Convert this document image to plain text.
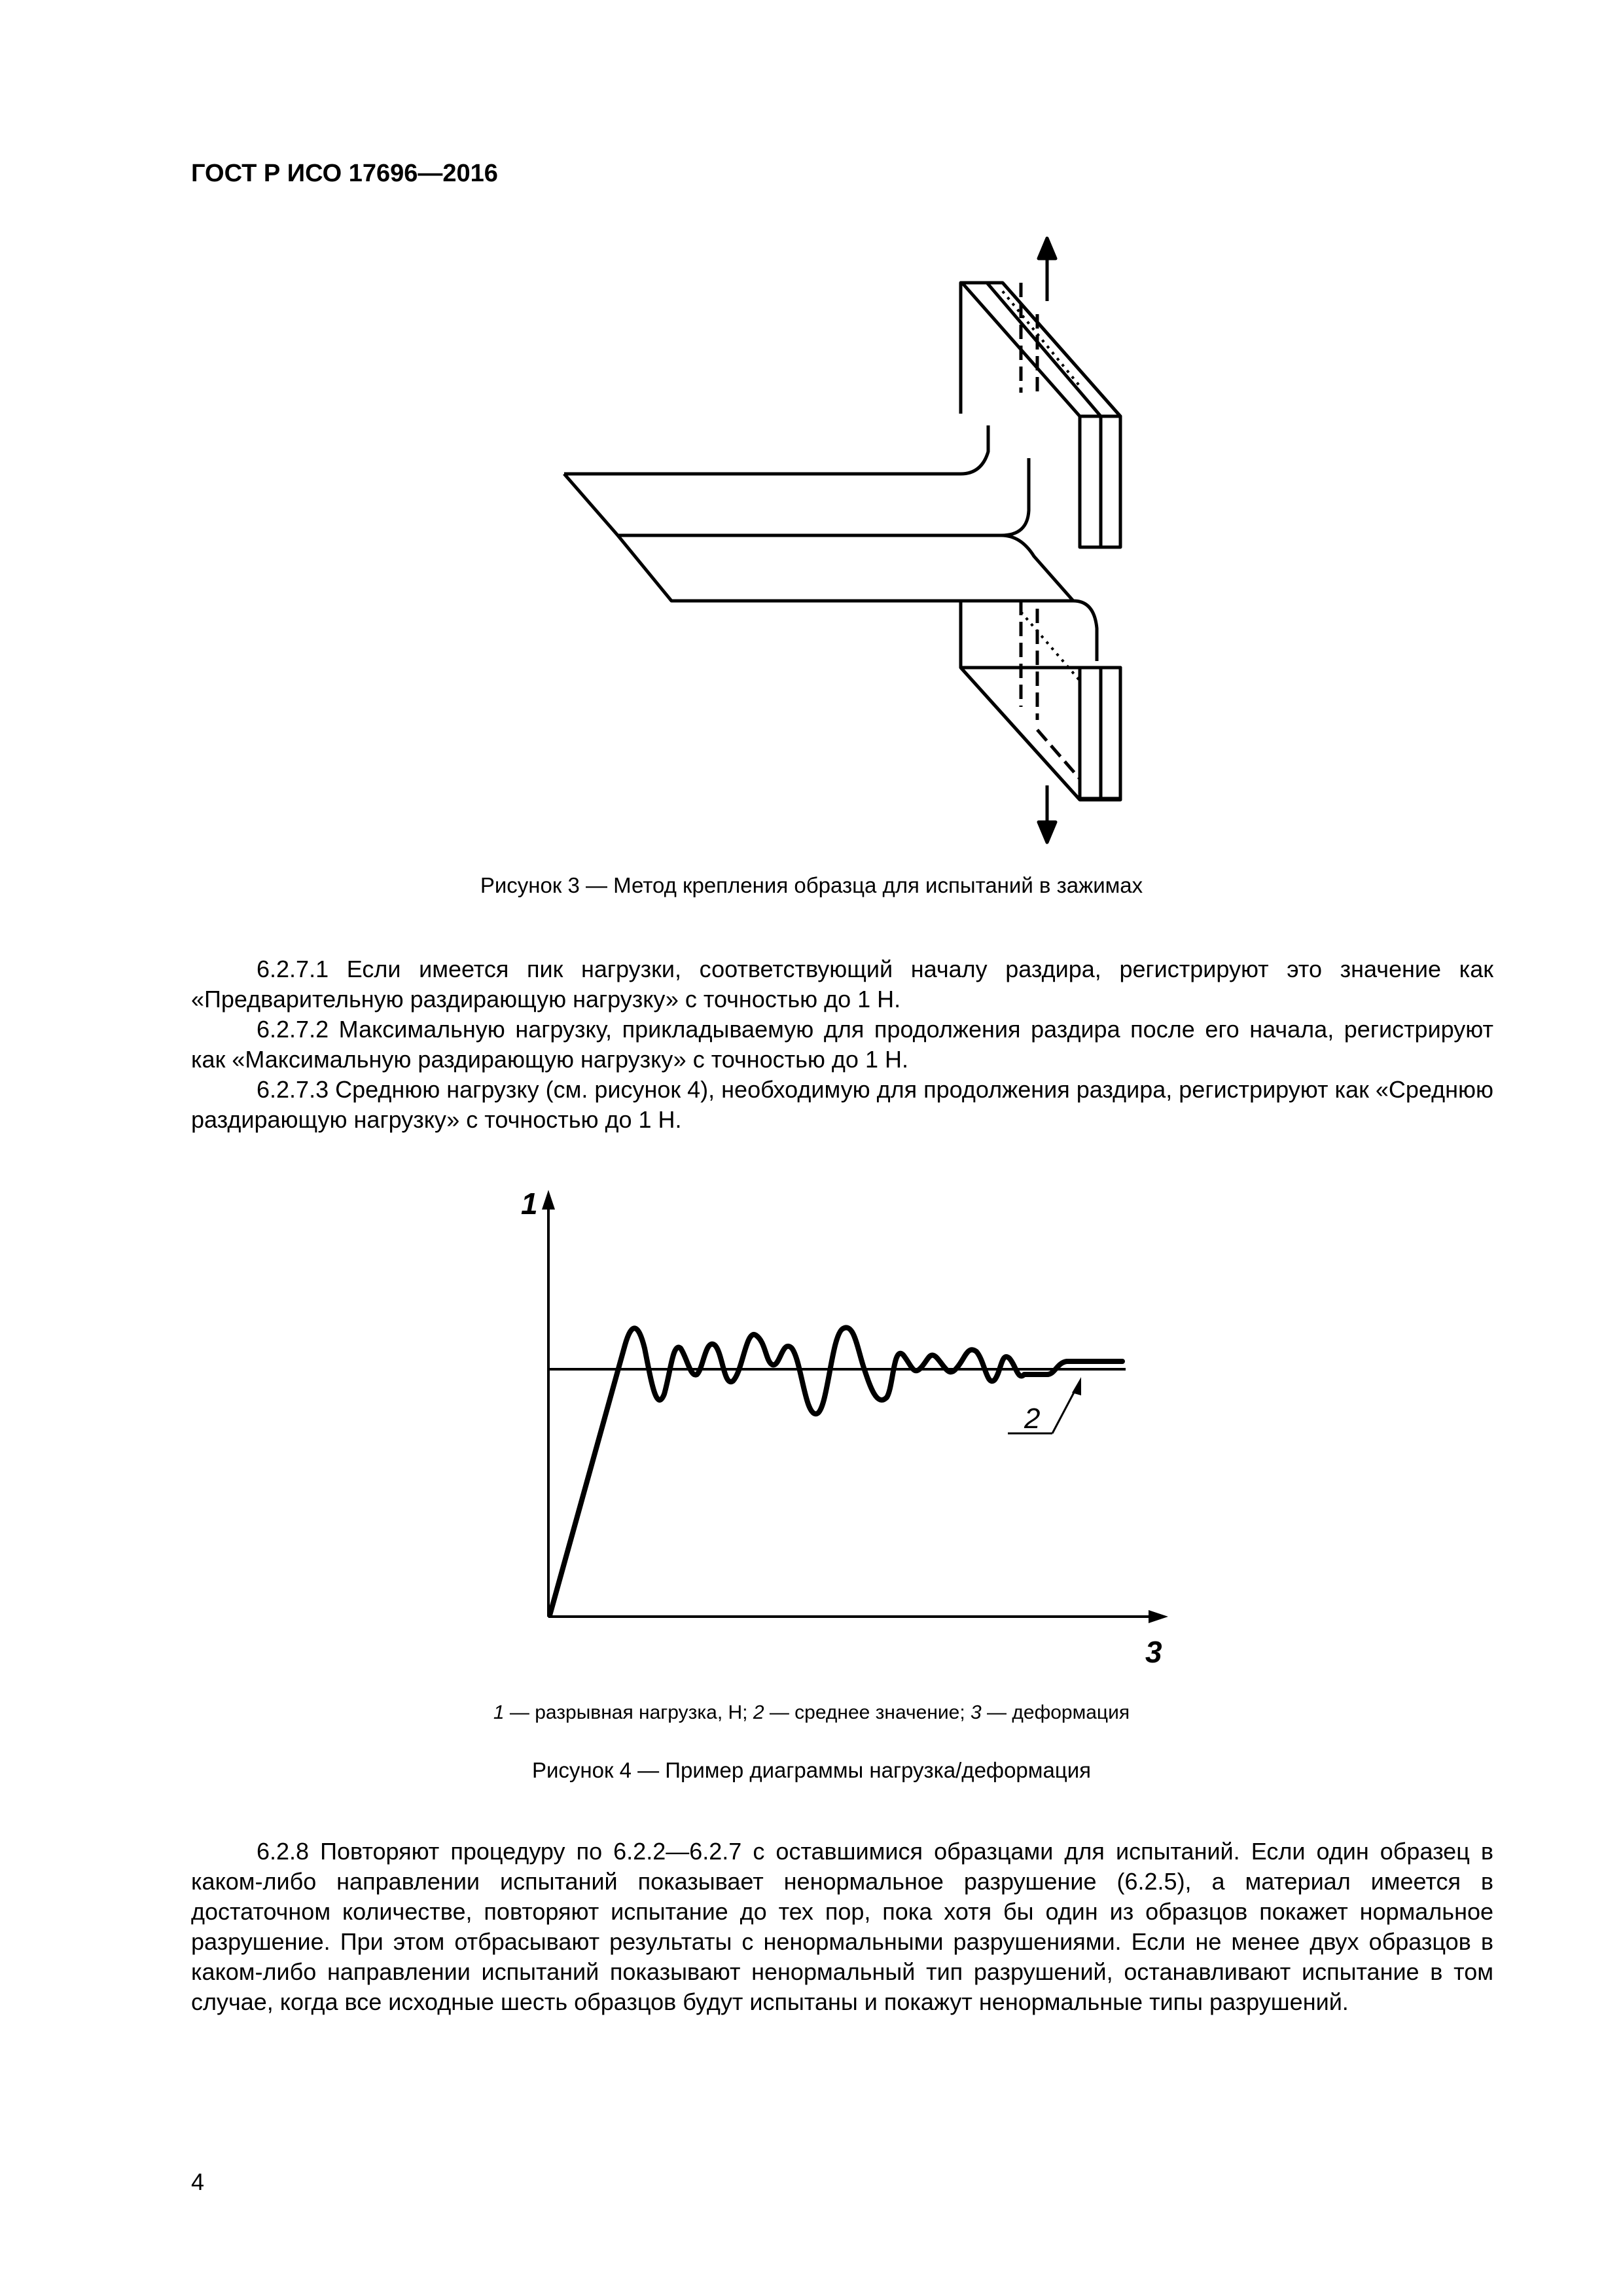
ГОСТ Р ИСО 17696—2016
Рисунок 3 — Метод крепления образца для испытаний в зажимах

6.2.7.1 Если имеется пик нагрузки, соответствующий началу раздира, регистрируют это значение как «Предварительную раздирающую нагрузку» с точностью до 1 Н.

6.2.7.2 Максимальную нагрузку, прикладываемую для продолжения раздира после его начала, регистрируют как «Максимальную раздирающую нагрузку» с точностью до 1 Н.

6.2.7.3 Среднюю нагрузку (см. рисунок 4), необходимую для продолжения раздира, регистрируют как «Среднюю раздирающую нагрузку» с точностью до 1 Н.

1
3
2
1 — разрывная нагрузка, Н; 2 — среднее значение; 3 — деформация
Рисунок 4 — Пример диаграммы нагрузка/деформация

6.2.8 Повторяют процедуру по 6.2.2—6.2.7 с оставшимися образцами для испытаний. Если один образец в каком-либо направлении испытаний показывает ненормальное разрушение (6.2.5), а материал имеется в достаточном количестве, повторяют испытание до тех пор, пока хотя бы один из образцов покажет нормальное разрушение. При этом отбрасывают результаты с ненормальными разрушениями. Если не менее двух образцов в каком-либо направлении испытаний показывают ненормальный тип разрушений, останавливают испытание в том случае, когда все исходные шесть образцов будут испытаны и покажут ненормальные типы разрушений.

4
